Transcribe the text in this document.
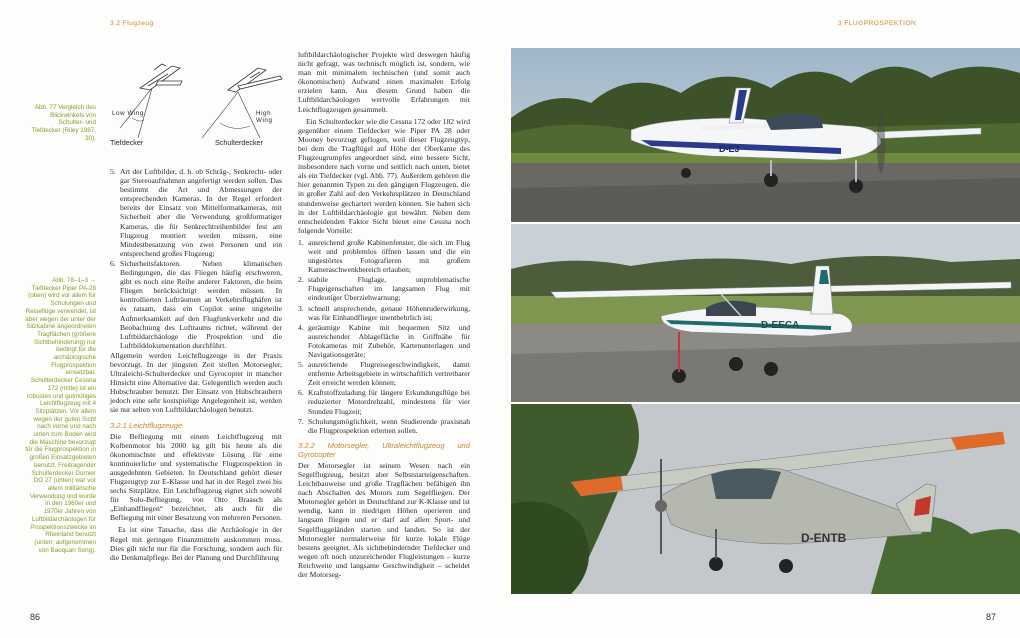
3.2 Flugzeug	3 FLUGPROSPEKTION
Low Wing	High Wing
Tiefdecker	Schulterdecker
Abb. 77 Vergleich des Blickwinkels von Schulter- und Tiefdecker (Riley 1987, 30).
Abb. 78–1–3 → Tiefdecker Piper PA-28 (oben) wird vor allem für Schulungen und Reiseflüge verwendet, ist aber wegen der unter der Sitzkabine angeordneten Tragflächen (größere Sichtbehinderung) nur bedingt für die archäologische Flugprospektion einsetzbar. Schulterdecker Cessna 172 (mitte) ist ein robustes und gutmütiges Leichtflugzeug mit 4 Sitzplätzen. Vor allem wegen der guten Sicht nach vorne und nach unten zum Boden wird die Maschine bevorzugt für die Flugprospektion in großen Einsatzgebieten benutzt. Freitragender Schulterdecker Dornier DO 27 (unten) war vor allem militärische Verwendung und wurde in den 1960er und 1970er Jahren von Luftbildarchäologen für Prospektionszwecke im Rheinland benutzt (unten; aufgenommen von Baoquan Song).
5. Art der Luftbilder, d. h. ob Schräg-, Senkrecht- oder gar Stereoaufnahmen angefertigt werden sollen. Das bestimmt die Art und Abmessungen der entsprechenden Kameras. In der Regel erfordert bereits der Einsatz von Mittelformatkameras, mit Sicherheit aber die Verwendung großformatiger Kameras, die für Senkrechtreihenbilder fest am Flugzeug montiert werden müssen, eine Mindestbesatzung von zwei Personen und ein entsprechend großes Flugzeug;
6. Sicherheitsfaktoren. Neben klimatischen Bedingungen, die das Fliegen häufig erschweren, gibt es noch eine Reihe anderer Faktoren, die beim Fliegen berücksichtigt werden müssen. In kontrollierten Lufträumen an Verkehrsflughäfen ist es ratsam, dass ein Copilot seine ungeteilte Aufmerksamkeit auf den Flugfunkverkehr und die Beobachtung des Luftraums richtet, während der Luftbildarchäologe die Prospektion und die Luftbilddokumentation durchführt.

Allgemein werden Leichtflugzeuge in der Praxis bevorzugt. In der jüngsten Zeit stellen Motorsegler, Ultraleicht-Schulterdecker und Gyrocopter in mancher Hinsicht eine Alternative dar. Gelegentlich werden auch Hubschrauber benutzt. Der Einsatz von Hubschraubern jedoch eine sehr kostspielige Angelegenheit ist, werden sie nur selten von Luftbildarchäologen benutzt.

3.2.1 Leichtflugzeuge

Die Befliegung mit einem Leichtflugzeug mit Kolbenmotor bis 2000 kg gilt bis heute als die ökonomischste und effektivste Lösung für eine kontinuierliche und systematische Flugprospektion in ausgedehnten Gebieten. In Deutschland gehört dieser Flugzeugtyp zur E-Klasse und hat in der Regel zwei bis sechs Sitzplätze. Ein Leichtflugzeug eignet sich sowohl für Solo-Befliegung, von Otto Braasch als „Einhandfliegen“ bezeichnet, als auch für die Befliegung mit einer Besatzung von mehreren Personen.

Es ist eine Tatsache, dass die Archäologie in der Regel mit geringen Finanzmitteln auskommen muss. Dies gilt nicht nur für die Forschung, sondern auch für die Denkmalpflege. Bei der Planung und Durchführung

luftbildarchäologischer Projekte wird deswegen häufig nicht gefragt, was technisch möglich ist, sondern, wie man mit minimalem technischen (und somit auch ökonomischen) Aufwand einen maximalen Erfolg erzielen kann. Aus diesem Grund haben die Luftbildarchäologen wertvolle Erfahrungen mit Leichtflugzeugen gesammelt.

Ein Schulterdecker wie die Cessna 172 oder 182 wird gegenüber einem Tiefdecker wie Piper PA 28 oder Mooney bevorzugt geflogen, weil dieser Flugzeugtyp, bei dem die Tragflügel auf Höhe der Oberkante des Flugzeugrumpfes angeordnet sind, eine bessere Sicht, insbesondere nach vorne und seitlich nach unten, bietet als ein Tiefdecker (vgl. Abb. 77). Außerdem gehören die hier genannten Typen zu den gängigen Flugzeugen, die in großer Zahl auf den Verkehrsplätzen in Deutschland stundenweise gechartert werden können. Sie haben sich in der Luftbildarchäologie gut bewährt. Neben dem entscheidenden Faktor Sicht bietet eine Cessna noch folgende Vorteile:

1. ausreichend große Kabinenfenster, die sich im Flug weit und problemlos öffnen lassen und die ein ungestörtes Fotografieren mit großem Kameraschwenkbereich erlauben;
2. stabile Fluglage, unproblematische Flugeigenschaften im langsamen Flug mit eindeutiger Überziehwarnung;
3. schnell ansprechende, genaue Höhenruderwirkung, was für Einhandflieger unentbehrlich ist;
4. geräumige Kabine mit bequemen Sitz und ausreichender Ablagefläche in Griffnähe für Fotokameras mit Zubehör, Kartenunterlagen und Navigationsgeräte;
5. ausreichende Flugreisegeschwindigkeit, damit entfernte Arbeitsgebiete in wirtschaftlich vertretbarer Zeit erreicht werden können;
6. Kraftstoffzuladung für längere Erkundungsflüge bei reduzierter Motordrehzahl, mindestens für vier Stunden Flugzeit;
7. Schulungsmöglichkeit, wenn Studierende praxisnah die Flugprospektion erlernen sollen.
3.2.2 Motorsegler, Ultraleichtflugzeug und Gyrocopter

Der Motorsegler ist seinem Wesen nach ein Segelflugzeug, besitzt aber Selbststarteigenschaften. Leichtbauweise und große Tragflächen befähigen ihn nach Abschalten des Motors zum Segelfliegen. Der Motorsegler gehört in Deutschland zur K-Klasse und ist wendig, kann in niedrigen Höhen operieren und langsam fliegen und er darf auf allen Sport- und Segelfluggeländen starten und landen. So ist der Motorsegler normalerweise für kurze lokale Flüge bestens geeignet. Als sichtbehindernder Tiefdecker und wegen oft noch unzureichender Flugleistungen – kurze Reichweite und langsame Geschwindigkeit – scheidet der Motorseg-

D-EJ
D-EECA
D-ENTB
86	87
